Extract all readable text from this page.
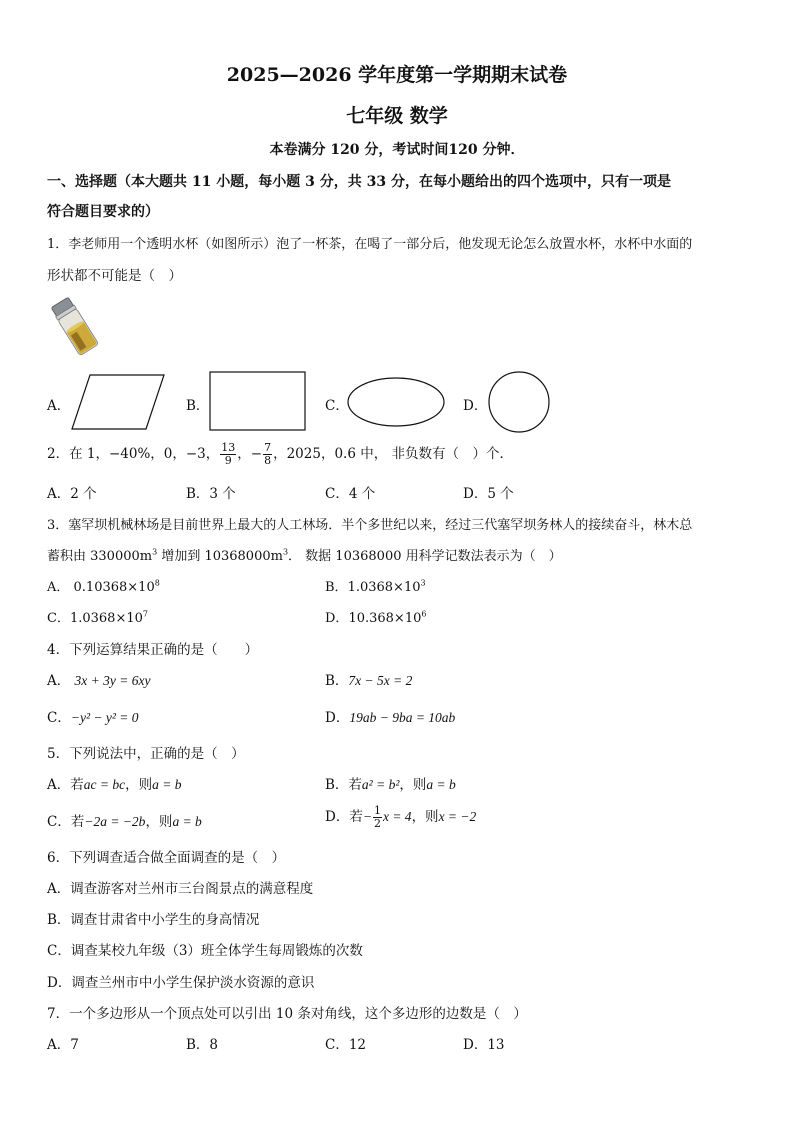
2025—2026 学年度第一学期期末试卷
七年级 数学
本卷满分 120 分，考试时间120 分钟．
一、选择题（本大题共 11 小题，每小题 3 分，共 33 分，在每小题给出的四个选项中，只有一项是
符合题目要求的）
1．李老师用一个透明水杯（如图所示）泡了一杯茶，在喝了一部分后，他发现无论怎么放置水杯，水杯中水面的
形状都不可能是（　）
A．	B．	C．	D．
2．在 1，−40%，0，−3， $\frac{13}{9}$ ，− $\frac{7}{8}$ ，2025，0.6 中， 非负数有（　）个．
A．2 个	B．3 个	C．4 个	D．5 个
3．塞罕坝机械林场是目前世界上最大的人工林场．半个多世纪以来，经过三代塞罕坝务林人的接续奋斗，林木总
蓄积由 $330000m^3$ 增加到 $10368000m^3$． 数据 10368000 用科学记数法表示为（　）
A． $0.10368\times 10^8$	B．$1.0368\times 10^3$
C．$1.0368\times 10^7$	D．$10.368\times 10^6$
4．下列运算结果正确的是（　　）
A． 3x + 3y = 6xy	B．7x − 5x = 2
C．−y² − y² = 0	D．19ab − 9ba = 10ab
5．下列说法中，正确的是（　）
A．若ac = bc，则a = b	B．若a² = b²，则a = b
C．若−2a = −2b，则a = b	D．若− $\frac{1}{2}$ x = 4，则x = −2
6．下列调查适合做全面调查的是（　）
A．调查游客对兰州市三台阁景点的满意程度
B．调查甘肃省中小学生的身高情况
C．调查某校九年级（3）班全体学生每周锻炼的次数
D．调查兰州市中小学生保护淡水资源的意识
7．一个多边形从一个顶点处可以引出 10 条对角线，这个多边形的边数是（　）
A．7	B．8	C．12	D．13
